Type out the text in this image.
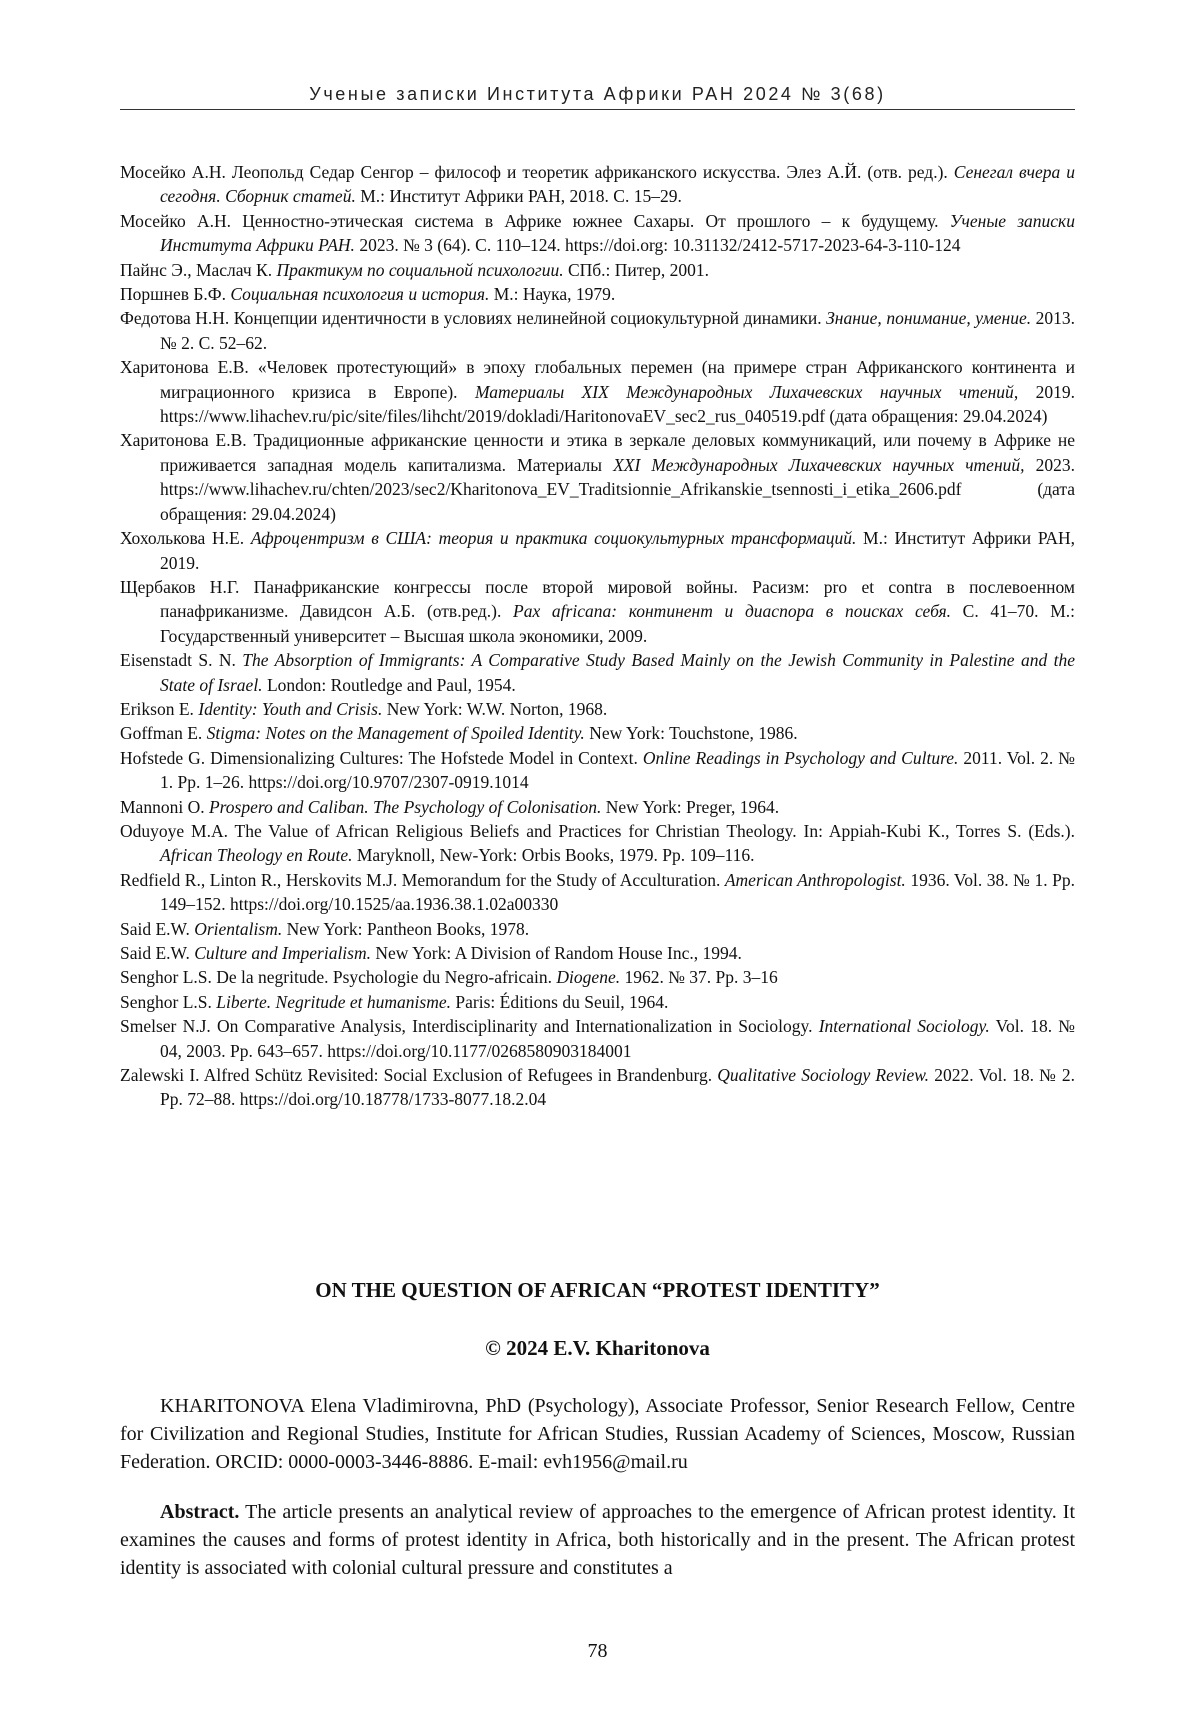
Ученые записки Института Африки РАН 2024 № 3(68)

Мосейко А.Н. Леопольд Седар Сенгор – философ и теоретик африканского искусства. Элез А.Й. (отв. ред.). Сенегал вчера и сегодня. Сборник статей. М.: Институт Африки РАН, 2018. С. 15–29.

Мосейко А.Н. Ценностно-этическая система в Африке южнее Сахары. От прошлого – к будущему. Ученые записки Института Африки РАН. 2023. № 3 (64). С. 110–124. https://doi.org: 10.31132/2412-5717-2023-64-3-110-124

Пайнс Э., Маслач К. Практикум по социальной психологии. СПб.: Питер, 2001.

Поршнев Б.Ф. Социальная психология и история. М.: Наука, 1979.

Федотова Н.Н. Концепции идентичности в условиях нелинейной социокультурной динамики. Знание, понимание, умение. 2013. № 2. С. 52–62.

Харитонова Е.В. «Человек протестующий» в эпоху глобальных перемен (на примере стран Африканского континента и миграционного кризиса в Европе). Материалы XIX Международных Лихачевских научных чтений, 2019. https://www.lihachev.ru/pic/site/files/lihcht/2019/dokladi/HaritonovaEV_sec2_rus_040519.pdf (дата обращения: 29.04.2024)

Харитонова Е.В. Традиционные африканские ценности и этика в зеркале деловых коммуникаций, или почему в Африке не приживается западная модель капитализма. Материалы XXI Международных Лихачевских научных чтений, 2023. https://www.lihachev.ru/chten/2023/sec2/Kharitonova_EV_Traditsionnie_Afrikanskie_tsennosti_i_etika_2606.pdf (дата обращения: 29.04.2024)

Хохолькова Н.Е. Афроцентризм в США: теория и практика социокультурных трансформаций. М.: Институт Африки РАН, 2019.

Щербаков Н.Г. Панафриканские конгрессы после второй мировой войны. Расизм: pro et contra в послевоенном панафриканизме. Давидсон А.Б. (отв.ред.). Pax africana: континент и диаспора в поисках себя. С. 41–70. М.: Государственный университет – Высшая школа экономики, 2009.

Eisenstadt S. N. The Absorption of Immigrants: A Comparative Study Based Mainly on the Jewish Community in Palestine and the State of Israel. London: Routledge and Paul, 1954.

Erikson E. Identity: Youth and Crisis. New York: W.W. Norton, 1968.

Goffman E. Stigma: Notes on the Management of Spoiled Identity. New York: Touchstone, 1986.

Hofstede G. Dimensionalizing Cultures: The Hofstede Model in Context. Online Readings in Psychology and Culture. 2011. Vol. 2. № 1. Pp. 1–26. https://doi.org/10.9707/2307-0919.1014

Mannoni O. Prospero and Caliban. The Psychology of Colonisation. New York: Preger, 1964.

Oduyoye M.A. The Value of African Religious Beliefs and Practices for Christian Theology. In: Appiah-Kubi K., Torres S. (Eds.). African Theology en Route. Maryknoll, New-York: Orbis Books, 1979. Pp. 109–116.

Redfield R., Linton R., Herskovits M.J. Memorandum for the Study of Acculturation. American Anthropologist. 1936. Vol. 38. № 1. Pp. 149–152. https://doi.org/10.1525/aa.1936.38.1.02a00330

Said E.W. Orientalism. New York: Pantheon Books, 1978.

Said E.W. Culture and Imperialism. New York: A Division of Random House Inc., 1994.

Senghor L.S. De la negritude. Psychologie du Negro-africain. Diogene. 1962. № 37. Pp. 3–16

Senghor L.S. Liberte. Negritude et humanisme. Paris: Éditions du Seuil, 1964.

Smelser N.J. On Comparative Analysis, Interdisciplinarity and Internationalization in Sociology. International Sociology. Vol. 18. № 04, 2003. Pp. 643–657. https://doi.org/10.1177/0268580903184001

Zalewski I. Alfred Schütz Revisited: Social Exclusion of Refugees in Brandenburg. Qualitative Sociology Review. 2022. Vol. 18. № 2. Pp. 72–88. https://doi.org/10.18778/1733-8077.18.2.04

ON THE QUESTION OF AFRICAN “PROTEST IDENTITY”
© 2024 E.V. Kharitonova

KHARITONOVA Elena Vladimirovna, PhD (Psychology), Associate Professor, Senior Research Fellow, Centre for Civilization and Regional Studies, Institute for African Studies, Russian Academy of Sciences, Moscow, Russian Federation. ORCID: 0000-0003-3446-8886. E-mail: evh1956@mail.ru

Abstract. The article presents an analytical review of approaches to the emergence of African protest identity. It examines the causes and forms of protest identity in Africa, both historically and in the present. The African protest identity is associated with colonial cultural pressure and constitutes a

78
